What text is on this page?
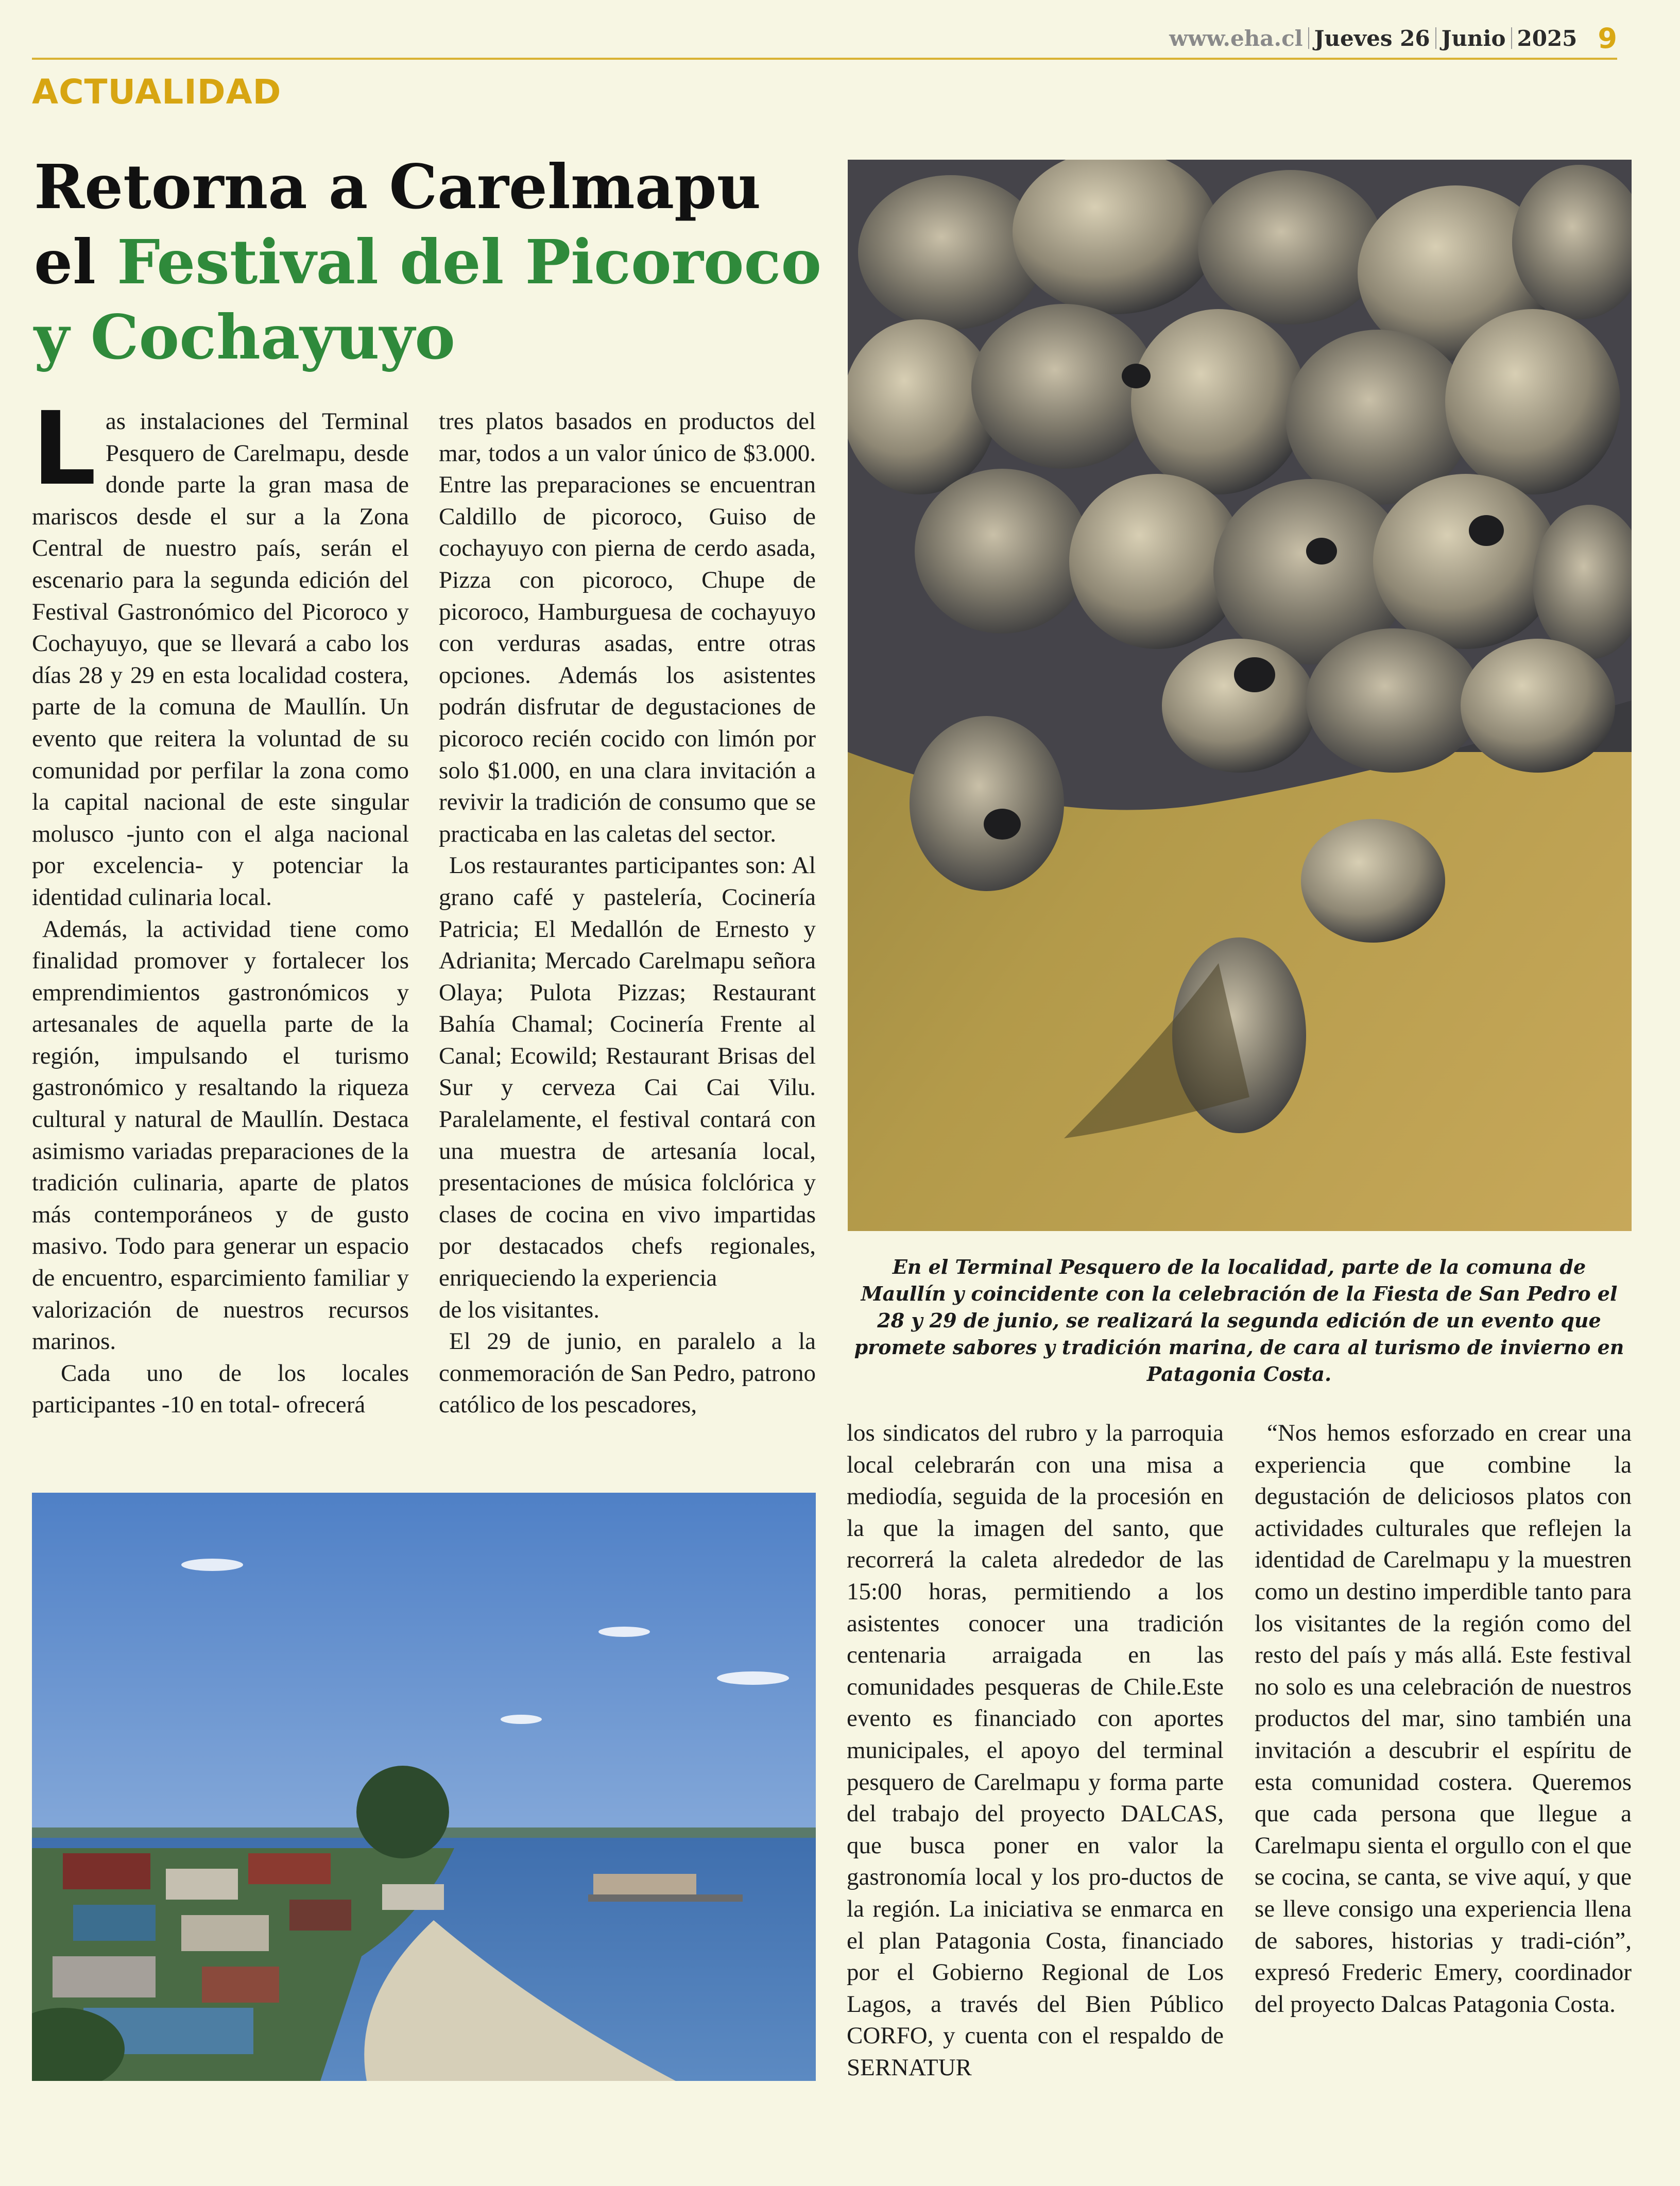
www.eha.cl Jueves 26 Junio 2025 9
ACTUALIDAD
Retorna a Carelmapu
el Festival del Picoroco
y Cochayuyo

Las instalaciones del Terminal Pesquero de Carelmapu, desde donde parte la gran masa de mariscos desde el sur a la Zona Central de nuestro país, serán el escenario para la segunda edición del Festival Gastronómico del Picoroco y Cochayuyo, que se llevará a cabo los días 28 y 29 en esta localidad costera, parte de la comuna de Maullín. Un evento que reitera la voluntad de su comunidad por perfilar la zona como la capital nacional de este singular molusco -junto con el alga nacional por excelencia- y potenciar la identidad culinaria local.

Además, la actividad tiene como finalidad promover y fortalecer los emprendimientos gastronómicos y artesanales de aquella parte de la región, impulsando el turismo gastronómico y resaltando la riqueza cultural y natural de Maullín. Destaca asimismo variadas preparaciones de la tradición culinaria, aparte de platos más contemporáneos y de gusto masivo. Todo para generar un espacio de encuentro, esparcimiento familiar y valorización de nuestros recursos marinos.

Cada uno de los locales participantes -10 en total- ofrecerá

tres platos basados en productos del mar, todos a un valor único de $3.000. Entre las preparaciones se encuentran Caldillo de picoroco, Guiso de cochayuyo con pierna de cerdo asada, Pizza con picoroco, Chupe de picoroco, Hamburguesa de cochayuyo con verduras asadas, entre otras opciones. Además los asistentes podrán disfrutar de degustaciones de picoroco recién cocido con limón por solo $1.000, en una clara invitación a revivir la tradición de consumo que se practicaba en las caletas del sector.

Los restaurantes participantes son: Al grano café y pastelería, Cocinería Patricia; El Medallón de Ernesto y Adrianita; Mercado Carelmapu señora Olaya; Pulota Pizzas; Restaurant Bahía Chamal; Cocinería Frente al Canal; Ecowild; Restaurant Brisas del Sur y cerveza Cai Cai Vilu. Paralelamente, el festival contará con una muestra de artesanía local, presentaciones de música folclórica y clases de cocina en vivo impartidas por destacados chefs regionales, enriqueciendo la experiencia

de los visitantes.

El 29 de junio, en paralelo a la conmemoración de San Pedro, patrono católico de los pescadores,

En el Terminal Pesquero de la localidad, parte de la comuna de Maullín y coincidente con la celebración de la Fiesta de San Pedro el 28 y 29 de junio, se realizará la segunda edición de un evento que promete sabores y tradición marina, de cara al turismo de invierno en Patagonia Costa.

los sindicatos del rubro y la parroquia local celebrarán con una misa a mediodía, seguida de la procesión en la que la imagen del santo, que recorrerá la caleta alrededor de las 15:00 horas, permitiendo a los asistentes conocer una tradición centenaria arraigada en las comunidades pesqueras de Chile.Este evento es financiado con aportes municipales, el apoyo del terminal pesquero de Carelmapu y forma parte del trabajo del proyecto DALCAS, que busca poner en valor la gastronomía local y los pro-ductos de la región. La iniciativa se enmarca en el plan Patagonia Costa, financiado por el Gobierno Regional de Los Lagos, a través del Bien Público CORFO, y cuenta con el respaldo de SERNATUR

“Nos hemos esforzado en crear una experiencia que combine la degustación de deliciosos platos con actividades culturales que reflejen la identidad de Carelmapu y la muestren como un destino imperdible tanto para los visitantes de la región como del resto del país y más allá. Este festival no solo es una celebración de nuestros productos del mar, sino también una invitación a descubrir el espíritu de esta comunidad costera. Queremos que cada persona que llegue a Carelmapu sienta el orgullo con el que se cocina, se canta, se vive aquí, y que se lleve consigo una experiencia llena de sabores, historias y tradi-ción”, expresó Frederic Emery, coordinador del proyecto Dalcas Patagonia Costa.
